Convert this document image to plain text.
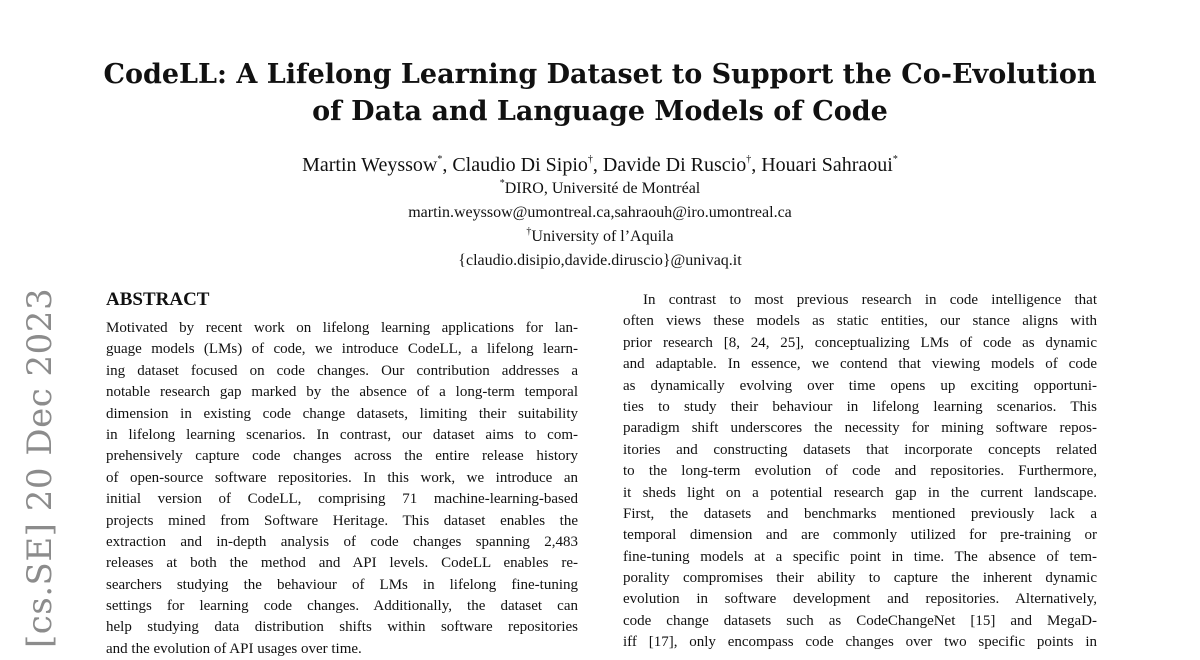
CodeLL: A Lifelong Learning Dataset to Support the Co-Evolution
of Data and Language Models of Code
Martin Weyssow*, Claudio Di Sipio†, Davide Di Ruscio†, Houari Sahraoui*
*DIRO, Université de Montréal
martin.weyssow@umontreal.ca,sahraouh@iro.umontreal.ca
†University of l’Aquila
{claudio.disipio,davide.diruscio}@univaq.it
[cs.SE] 20 Dec 2023 ABSTRACT
Motivated by recent work on lifelong learning applications for lan-
guage models (LMs) of code, we introduce CodeLL, a lifelong learn-
ing dataset focused on code changes. Our contribution addresses a
notable research gap marked by the absence of a long-term temporal
dimension in existing code change datasets, limiting their suitability
in lifelong learning scenarios. In contrast, our dataset aims to com-
prehensively capture code changes across the entire release history
of open-source software repositories. In this work, we introduce an
initial version of CodeLL, comprising 71 machine-learning-based
projects mined from Software Heritage. This dataset enables the
extraction and in-depth analysis of code changes spanning 2,483
releases at both the method and API levels. CodeLL enables re-
searchers studying the behaviour of LMs in lifelong fine-tuning
settings for learning code changes. Additionally, the dataset can
help studying data distribution shifts within software repositories
and the evolution of API usages over time.
In contrast to most previous research in code intelligence that
often views these models as static entities, our stance aligns with
prior research [8, 24, 25], conceptualizing LMs of code as dynamic
and adaptable. In essence, we contend that viewing models of code
as dynamically evolving over time opens up exciting opportuni-
ties to study their behaviour in lifelong learning scenarios. This
paradigm shift underscores the necessity for mining software repos-
itories and constructing datasets that incorporate concepts related
to the long-term evolution of code and repositories. Furthermore,
it sheds light on a potential research gap in the current landscape.
First, the datasets and benchmarks mentioned previously lack a
temporal dimension and are commonly utilized for pre-training or
fine-tuning models at a specific point in time. The absence of tem-
porality compromises their ability to capture the inherent dynamic
evolution in software development and repositories. Alternatively,
code change datasets such as CodeChangeNet [15] and MegaD-
iff [17], only encompass code changes over two specific points in
